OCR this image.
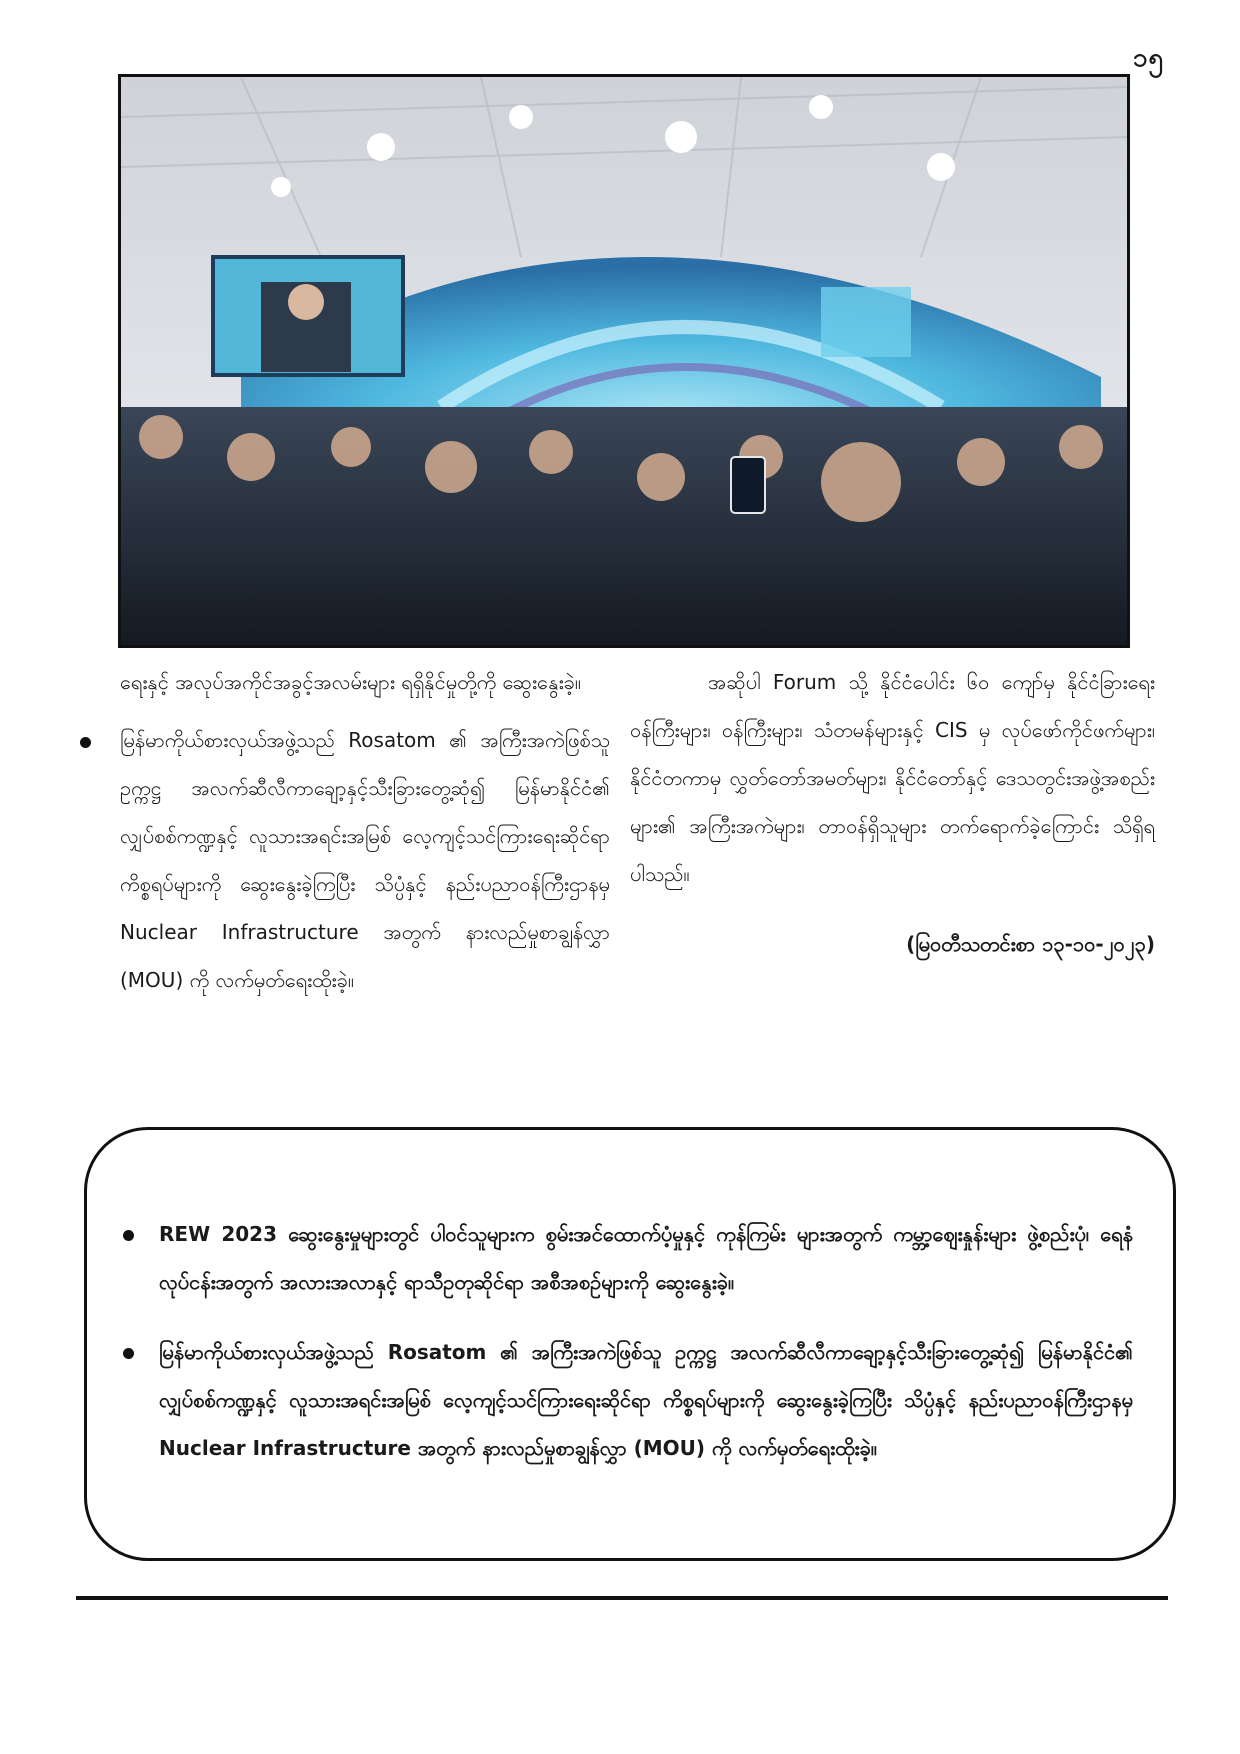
၁၅

ရေးနှင့် အလုပ်အကိုင်အခွင့်အလမ်းများ ရရှိနိုင်မှုတို့ကို ဆွေးနွေးခဲ့။

မြန်မာကိုယ်စားလှယ်အဖွဲ့သည် Rosatom ၏ အကြီးအကဲဖြစ်သူ ဥက္ကဋ္ဌ အလက်ဆီလီကာချော့နှင့်သီးခြားတွေ့ဆုံ၍ မြန်မာနိုင်ငံ၏ လျှပ်စစ်ကဏ္ဍနှင့် လူသားအရင်းအမြစ် လေ့ကျင့်သင်ကြားရေးဆိုင်ရာ ကိစ္စရပ်များကို ဆွေးနွေးခဲ့ကြပြီး သိပ္ပံနှင့် နည်းပညာဝန်ကြီးဌာနမှ Nuclear Infrastructure အတွက် နားလည်မှုစာချွန်လွှာ (MOU) ကို လက်မှတ်ရေးထိုးခဲ့။

အဆိုပါ Forum သို့ နိုင်ငံပေါင်း ၆၀ ကျော်မှ နိုင်ငံခြားရေးဝန်ကြီးများ၊ ဝန်ကြီးများ၊ သံတမန်များနှင့် CIS မှ လုပ်ဖော်ကိုင်ဖက်များ၊ နိုင်ငံတကာမှ လွှတ်တော်အမတ်များ၊ နိုင်ငံတော်နှင့် ဒေသတွင်းအဖွဲ့အစည်းများ၏ အကြီးအကဲများ၊ တာဝန်ရှိသူများ တက်ရောက်ခဲ့ကြောင်း သိရှိရပါသည်။

(မြဝတီသတင်းစာ ၁၃-၁၀-၂၀၂၃)

REW 2023 ဆွေးနွေးမှုများတွင် ပါဝင်သူများက စွမ်းအင်ထောက်ပံ့မှုနှင့် ကုန်ကြမ်း များအတွက် ကမ္ဘာ့ဈေးနှုန်းများ ဖွဲ့စည်းပုံ၊ ရေနံလုပ်ငန်းအတွက် အလားအလာနှင့် ရာသီဥတုဆိုင်ရာ အစီအစဉ်များကို ဆွေးနွေးခဲ့။
မြန်မာကိုယ်စားလှယ်အဖွဲ့သည် Rosatom ၏ အကြီးအကဲဖြစ်သူ ဥက္ကဋ္ဌ အလက်ဆီလီကာချော့နှင့်သီးခြားတွေ့ဆုံ၍ မြန်မာနိုင်ငံ၏ လျှပ်စစ်ကဏ္ဍနှင့် လူသားအရင်းအမြစ် လေ့ကျင့်သင်ကြားရေးဆိုင်ရာ ကိစ္စရပ်များကို ဆွေးနွေးခဲ့ကြပြီး သိပ္ပံနှင့် နည်းပညာဝန်ကြီးဌာနမှ Nuclear Infrastructure အတွက် နားလည်မှုစာချွန်လွှာ (MOU) ကို လက်မှတ်ရေးထိုးခဲ့။
